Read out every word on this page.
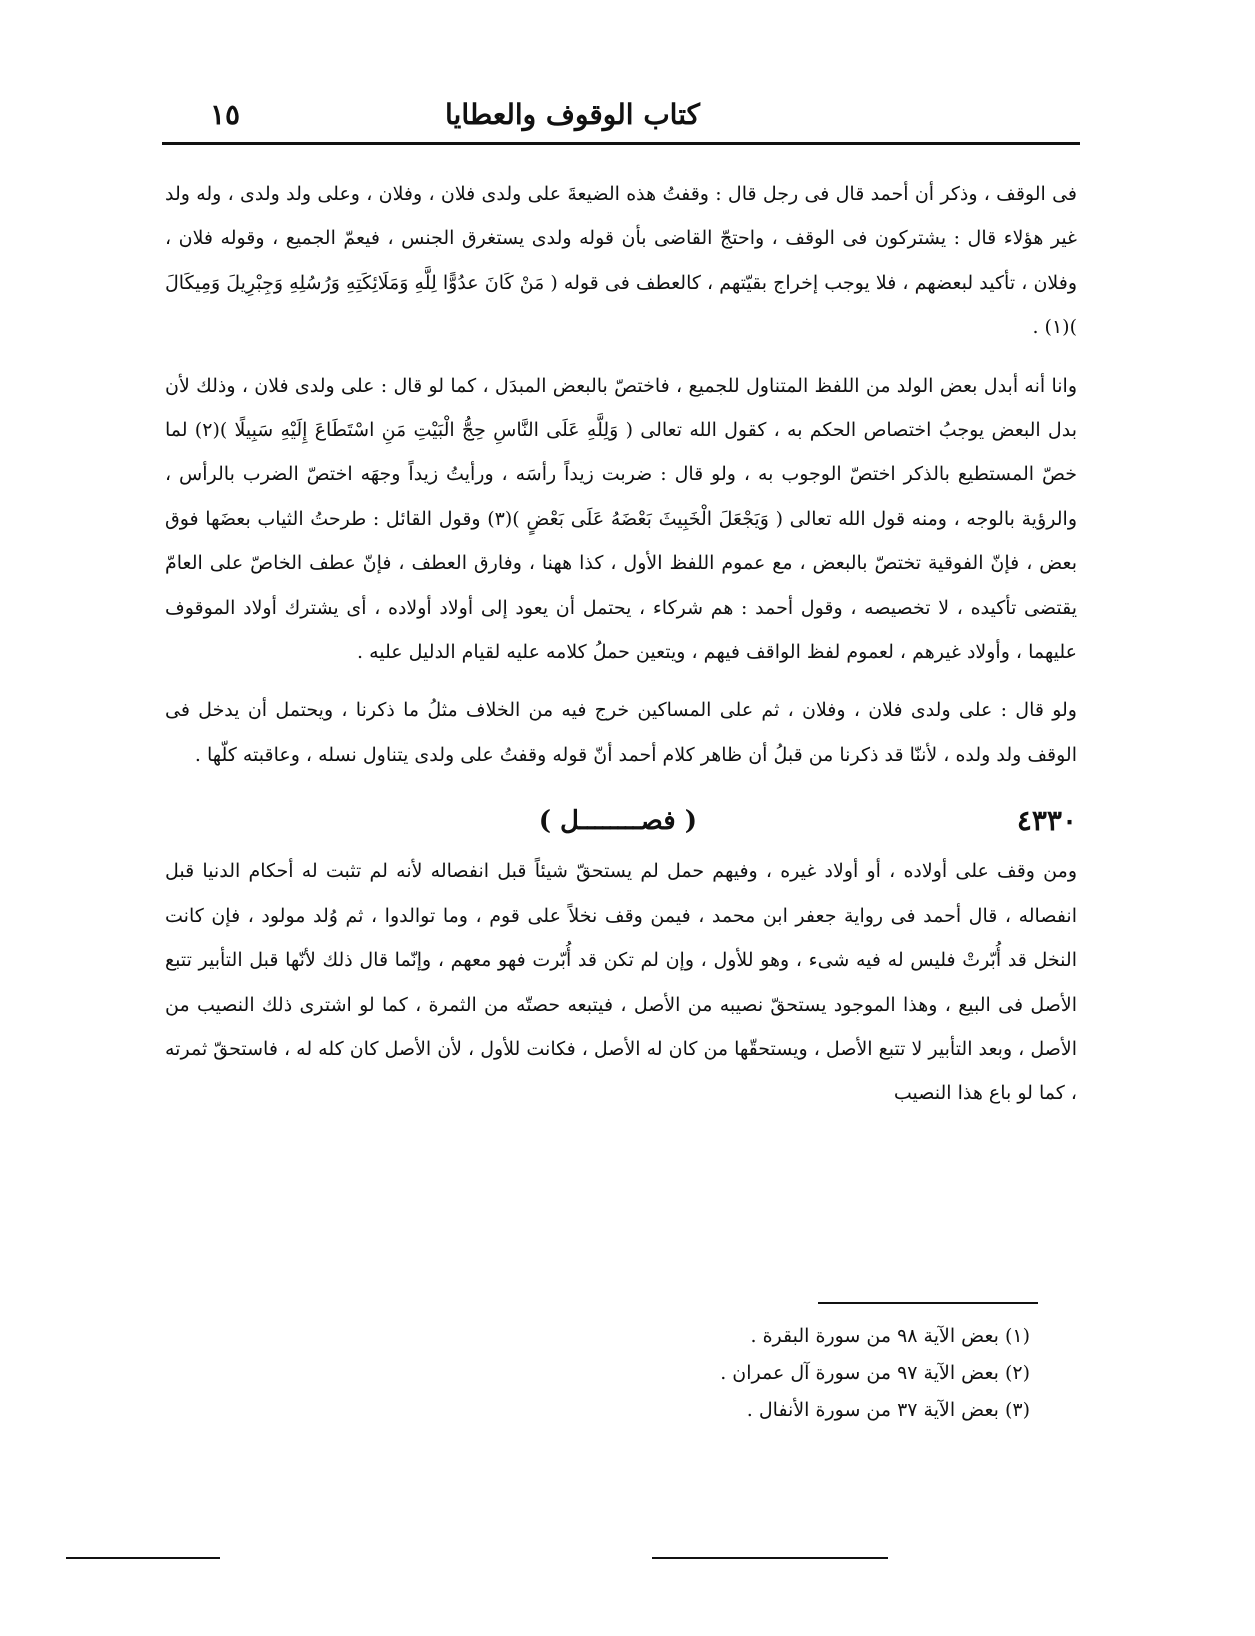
كتاب الوقوف والعطايا
١٥

فى الوقف ، وذكر أن أحمد قال فى رجل قال : وقفتُ هذه الضيعةَ على ولدى فلان ، وفلان ، وعلى ولد ولدى ، وله ولد غير هؤلاء قال : يشتركون فى الوقف ، واحتجّ القاضى بأن قوله ولدى يستغرق الجنس ، فيعمّ الجميع ، وقوله فلان ، وفلان ، تأكيد لبعضهم ، فلا يوجب إخراج بقيّتهم ، كالعطف فى قوله ( مَنْ كَانَ عدُوًّا لِلَّهِ وَمَلَائِكَتِهِ وَرُسُلِهِ وَجِبْرِيلَ وَمِيكَالَ )(١) .

وانا أنه أبدل بعض الولد من اللفظ المتناول للجميع ، فاختصّ بالبعض المبدَل ، كما لو قال : على ولدى فلان ، وذلك لأن بدل البعض يوجبُ اختصاص الحكم به ، كقول الله تعالى ( وَلِلَّهِ عَلَى النَّاسِ حِجُّ الْبَيْتِ مَنِ اسْتَطَاعَ إِلَيْهِ سَبِيلًا )(٢) لما خصّ المستطيع بالذكر اختصّ الوجوب به ، ولو قال : ضربت زيداً رأسَه ، ورأيتُ زيداً وجهَه اختصّ الضرب بالرأس ، والرؤية بالوجه ، ومنه قول الله تعالى ( وَيَجْعَلَ الْخَبِيثَ بَعْضَهُ عَلَى بَعْضٍ )(٣) وقول القائل : طرحتُ الثياب بعضَها فوق بعض ، فإنّ الفوقية تختصّ بالبعض ، مع عموم اللفظ الأول ، كذا ههنا ، وفارق العطف ، فإنّ عطف الخاصّ على العامّ يقتضى تأكيده ، لا تخصيصه ، وقول أحمد : هم شركاء ، يحتمل أن يعود إلى أولاد أولاده ، أى يشترك أولاد الموقوف عليهما ، وأولاد غيرهم ، لعموم لفظ الواقف فيهم ، ويتعين حملُ كلامه عليه لقيام الدليل عليه .

ولو قال : على ولدى فلان ، وفلان ، ثم على المساكين خرج فيه من الخلاف مثلُ ما ذكرنا ، ويحتمل أن يدخل فى الوقف ولد ولده ، لأننّا قد ذكرنا من قبلُ أن ظاهر كلام أحمد أنّ قوله وقفتُ على ولدى يتناول نسله ، وعاقبته كلّها .

٤٣٣٠
( فصــــــــل )

ومن وقف على أولاده ، أو أولاد غيره ، وفيهم حمل لم يستحقّ شيئاً قبل انفصاله لأنه لم تثبت له أحكام الدنيا قبل انفصاله ، قال أحمد فى رواية جعفر ابن محمد ، فيمن وقف نخلاً على قوم ، وما توالدوا ، ثم وُلد مولود ، فإن كانت النخل قد أُبّرتْ فليس له فيه شىء ، وهو للأول ، وإن لم تكن قد أُبّرت فهو معهم ، وإنّما قال ذلك لأنّها قبل التأبير تتبع الأصل فى البيع ، وهذا الموجود يستحقّ نصيبه من الأصل ، فيتبعه حصتّه من الثمرة ، كما لو اشترى ذلك النصيب من الأصل ، وبعد التأبير لا تتبع الأصل ، ويستحقّها من كان له الأصل ، فكانت للأول ، لأن الأصل كان كله له ، فاستحقّ ثمرته ، كما لو باع هذا النصيب

(١) بعض الآية ٩٨ من سورة البقرة .

(٢) بعض الآية ٩٧ من سورة آل عمران .

(٣) بعض الآية ٣٧ من سورة الأنفال .
